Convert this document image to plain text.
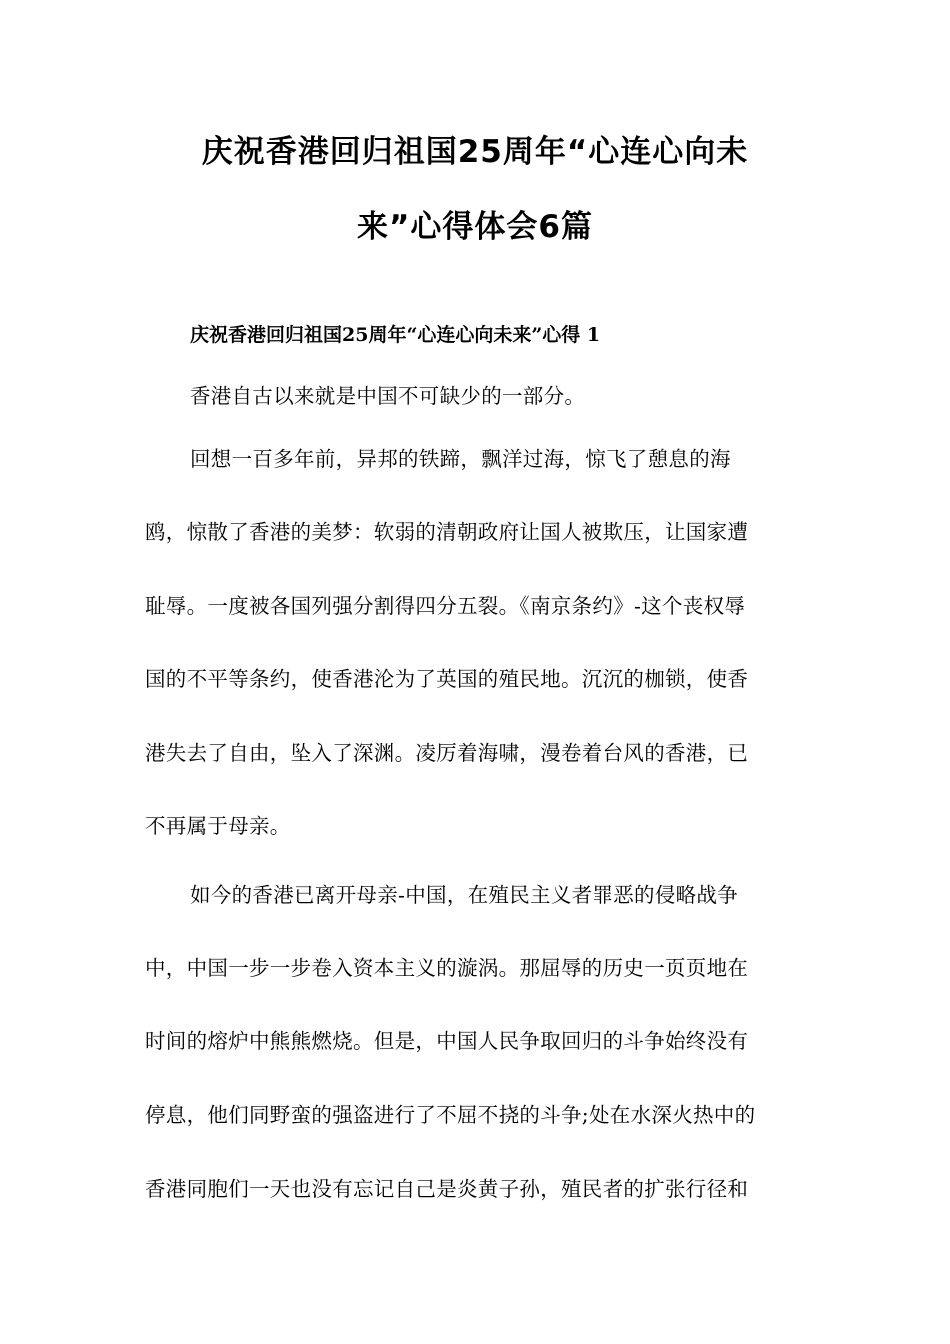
庆祝香港回归祖国25周年“心连心向未
来”心得体会6篇
庆祝香港回归祖国25周年“心连心向未来”心得 1
香港自古以来就是中国不可缺少的一部分。
回想一百多年前，异邦的铁蹄，飘洋过海，惊飞了憩息的海
鸥，惊散了香港的美梦：软弱的清朝政府让国人被欺压，让国家遭
耻辱。一度被各国列强分割得四分五裂。《南京条约》-这个丧权辱
国的不平等条约，使香港沦为了英国的殖民地。沉沉的枷锁，使香
港失去了自由，坠入了深渊。凌厉着海啸，漫卷着台风的香港，已
不再属于母亲。
如今的香港已离开母亲-中国，在殖民主义者罪恶的侵略战争
中，中国一步一步卷入资本主义的漩涡。那屈辱的历史一页页地在
时间的熔炉中熊熊燃烧。但是，中国人民争取回归的斗争始终没有
停息，他们同野蛮的强盗进行了不屈不挠的斗争;处在水深火热中的
香港同胞们一天也没有忘记自己是炎黄子孙，殖民者的扩张行径和
